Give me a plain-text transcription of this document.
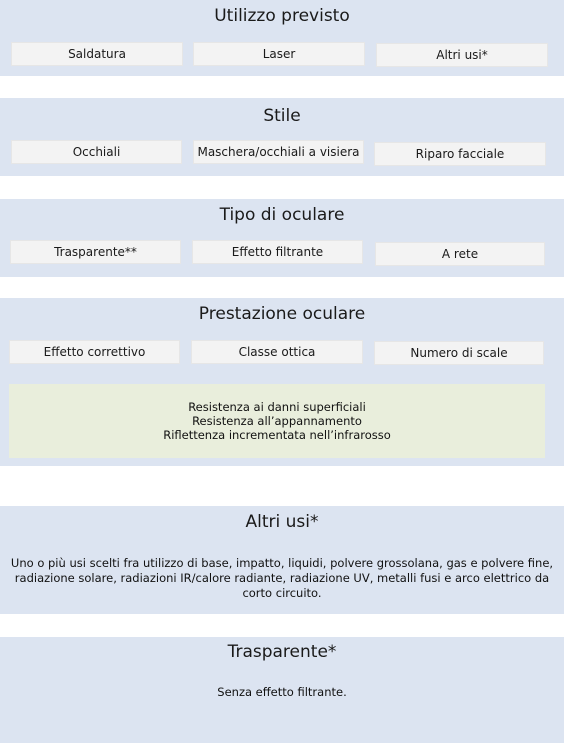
Utilizzo previsto
Saldatura	Laser	Altri usi*
Stile
Occhiali	Maschera/occhiali a visiera	Riparo facciale
Tipo di oculare
Trasparente**	Effetto filtrante	A rete
Prestazione oculare
Effetto correttivo	Classe ottica	Numero di scale
Resistenza ai danni superficiali
Resistenza all’appannamento
Riflettenza incrementata nell’infrarosso
Altri usi*
Uno o più usi scelti fra utilizzo di base, impatto, liquidi, polvere grossolana, gas e polvere fine, radiazione solare, radiazioni IR/calore radiante, radiazione UV, metalli fusi e arco elettrico da corto circuito.
Trasparente*
Senza effetto filtrante.
